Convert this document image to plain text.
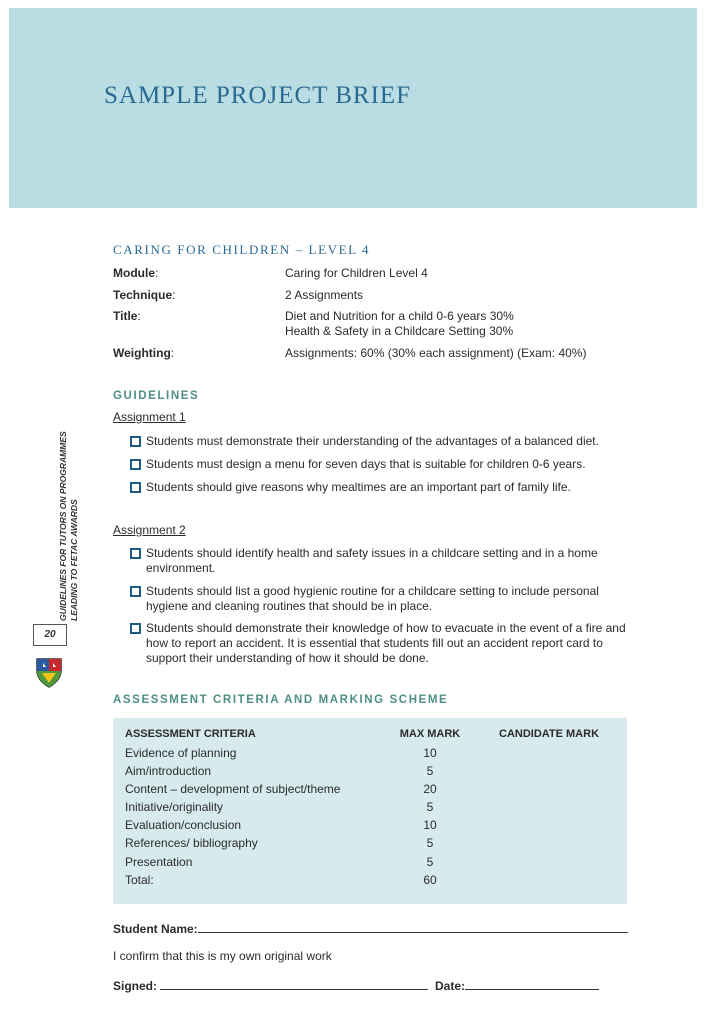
SAMPLE PROJECT BRIEF
GUIDELINES FOR TUTORS ON PROGRAMMES LEADING TO FETAC AWARDS
20
CARING FOR CHILDREN – LEVEL 4
Module:	Caring for Children Level 4
Technique:	2 Assignments
Title:	Diet and Nutrition for a child 0-6 years 30%
Health & Safety in a Childcare Setting 30%
Weighting:	Assignments: 60% (30% each assignment) (Exam: 40%)
GUIDELINES
Assignment 1
Students must demonstrate their understanding of the advantages of a balanced diet.
Students must design a menu for seven days that is suitable for children 0-6 years.
Students should give reasons why mealtimes are an important part of family life.
Assignment 2
Students should identify health and safety issues in a childcare setting and in a home environment.
Students should list a good hygienic routine for a childcare setting to include personal hygiene and cleaning routines that should be in place.
Students should demonstrate their knowledge of how to evacuate in the event of a fire and how to report an accident. It is essential that students fill out an accident report card to support their understanding of how it should be done.
ASSESSMENT CRITERIA AND MARKING SCHEME
ASSESSMENT CRITERIA	MAX MARK	CANDIDATE MARK
Evidence of planning	10
Aim/introduction	5
Content – development of subject/theme	20
Initiative/originality	5
Evaluation/conclusion	10
References/ bibliography	5
Presentation	5
Total:	60
Student Name:
I confirm that this is my own original work
Signed:	Date:
